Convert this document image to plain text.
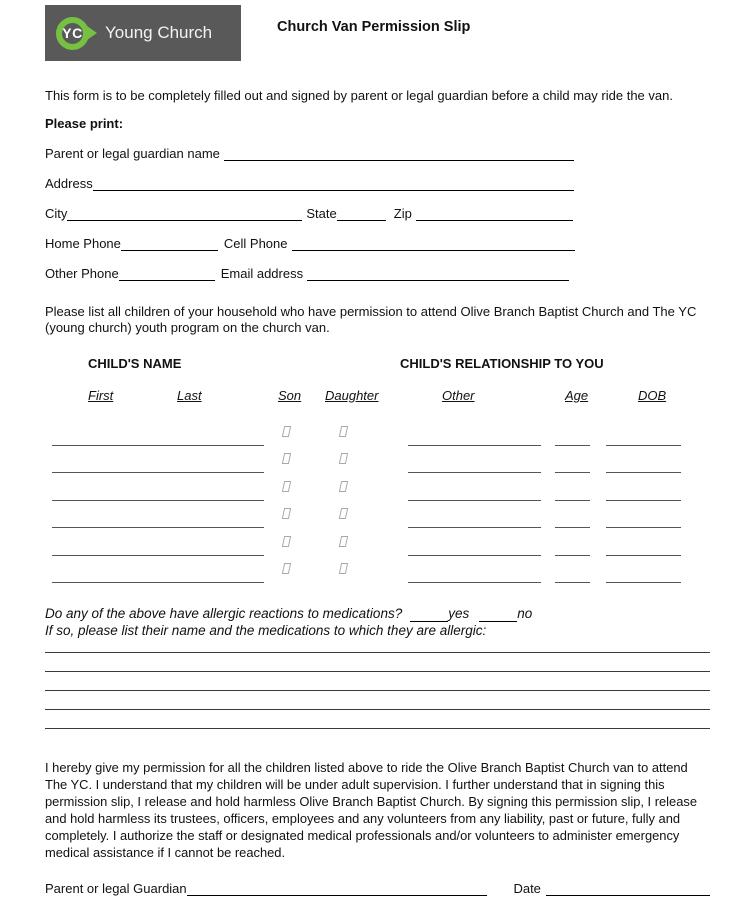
YC Young Church	Church Van Permission Slip
This form is to be completely filled out and signed by parent or legal guardian before a child may ride the van.
Please print:
Parent or legal guardian name
Address
City	State	Zip
Home Phone	Cell Phone
Other Phone	Email address
Please list all children of your household who have permission to attend Olive Branch Baptist Church and The YC (young church) youth program on the church van.
CHILD'S NAME	CHILD'S RELATIONSHIP TO YOU
First	Last	Son Daughter	Other	Age	DOB
Do any of the above have allergic reactions to medications?	yes	no
If so, please list their name and the medications to which they are allergic:
I hereby give my permission for all the children listed above to ride the Olive Branch Baptist Church van to attend The YC. I understand that my children will be under adult supervision. I further understand that in signing this permission slip, I release and hold harmless Olive Branch Baptist Church. By signing this permission slip, I release and hold harmless its trustees, officers, employees and any volunteers from any liability, past or future, fully and completely. I authorize the staff or designated medical professionals and/or volunteers to administer emergency medical assistance if I cannot be reached.
Parent or legal Guardian	Date
